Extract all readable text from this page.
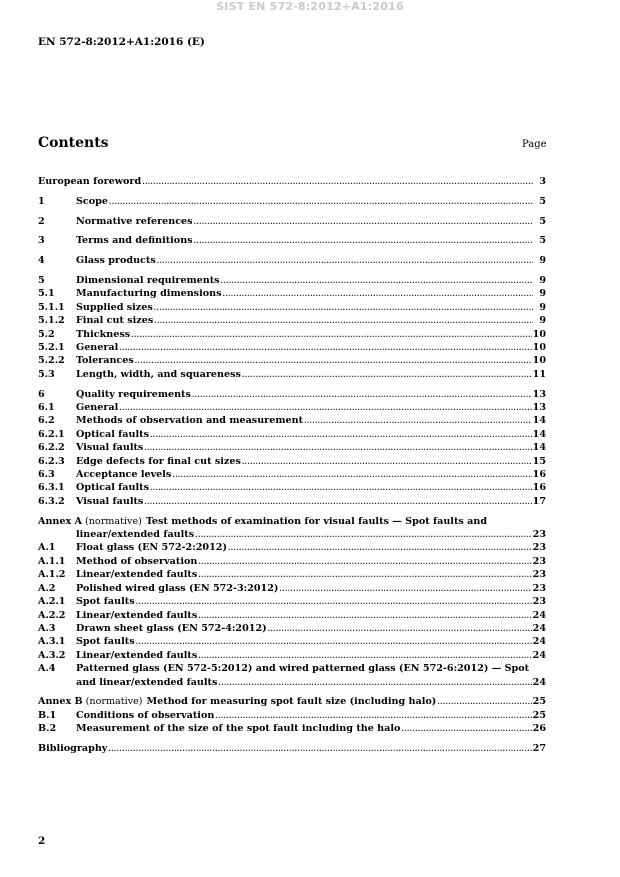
SIST EN 572-8:2012+A1:2016
EN 572-8:2012+A1:2016 (E)
Contents	Page
European foreword .....	3
1	Scope .....	5
2	Normative references .....	5
3	Terms and definitions .....	5
4	Glass products .....	9
5	Dimensional requirements .....	9
5.1	Manufacturing dimensions .....	9
5.1.1	Supplied sizes .....	9
5.1.2	Final cut sizes .....	9
5.2	Thickness .....	10
5.2.1	General .....	10
5.2.2	Tolerances .....	10
5.3	Length, width, and squareness .....	11
6	Quality requirements .....	13
6.1	General .....	13
6.2	Methods of observation and measurement .....	14
6.2.1	Optical faults .....	14
6.2.2	Visual faults .....	14
6.2.3	Edge defects for final cut sizes .....	15
6.3	Acceptance levels .....	16
6.3.1	Optical faults .....	16
6.3.2	Visual faults .....	17
Annex A (normative) Test methods of examination for visual faults — Spot faults and
linear/extended faults .....	23
A.1	Float glass (EN 572-2:2012) .....	23
A.1.1	Method of observation .....	23
A.1.2	Linear/extended faults .....	23
A.2	Polished wired glass (EN 572-3:2012) .....	23
A.2.1	Spot faults .....	23
A.2.2	Linear/extended faults .....	24
A.3	Drawn sheet glass (EN 572-4:2012) .....	24
A.3.1	Spot faults .....	24
A.3.2	Linear/extended faults .....	24
A.4	Patterned glass (EN 572-5:2012) and wired patterned glass (EN 572-6:2012) — Spot
and linear/extended faults .....	24
Annex B (normative) Method for measuring spot fault size (including halo) .....	25
B.1	Conditions of observation .....	25
B.2	Measurement of the size of the spot fault including the halo .....	26
Bibliography .....	27
2
